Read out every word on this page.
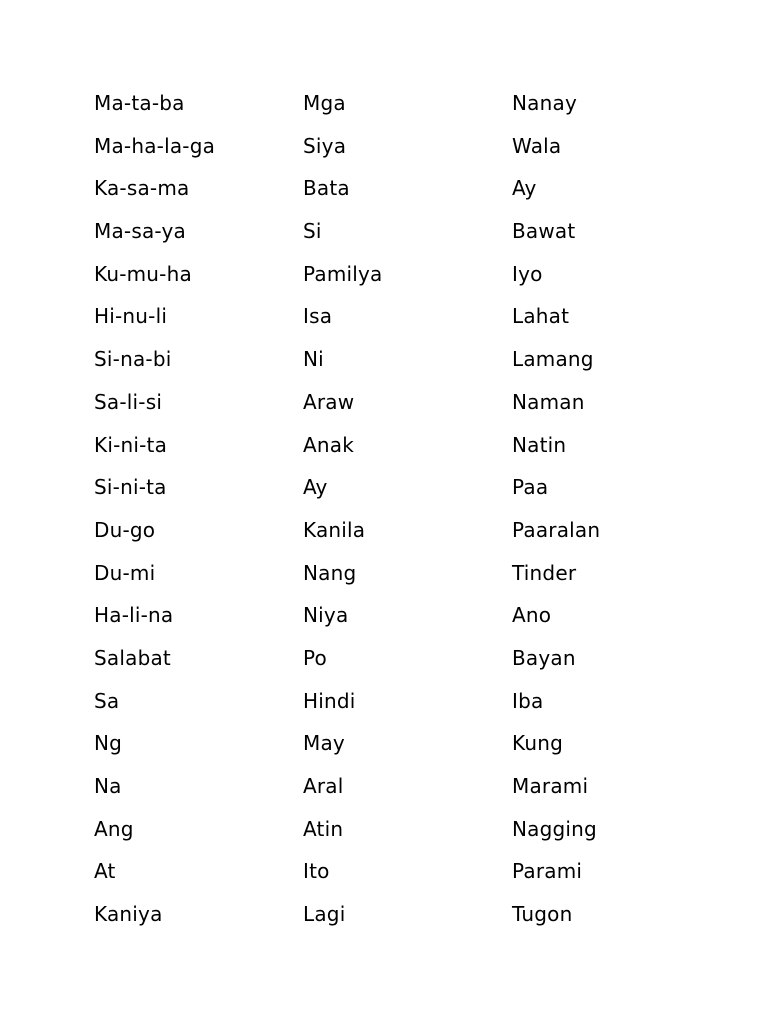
Ma-ta-ba	Mga	Nanay
Ma-ha-la-ga	Siya	Wala
Ka-sa-ma	Bata	Ay
Ma-sa-ya	Si	Bawat
Ku-mu-ha	Pamilya	Iyo
Hi-nu-li	Isa	Lahat
Si-na-bi	Ni	Lamang
Sa-li-si	Araw	Naman
Ki-ni-ta	Anak	Natin
Si-ni-ta	Ay	Paa
Du-go	Kanila	Paaralan
Du-mi	Nang	Tinder
Ha-li-na	Niya	Ano
Salabat	Po	Bayan
Sa	Hindi	Iba
Ng	May	Kung
Na	Aral	Marami
Ang	Atin	Nagging
At	Ito	Parami
Kaniya	Lagi	Tugon
